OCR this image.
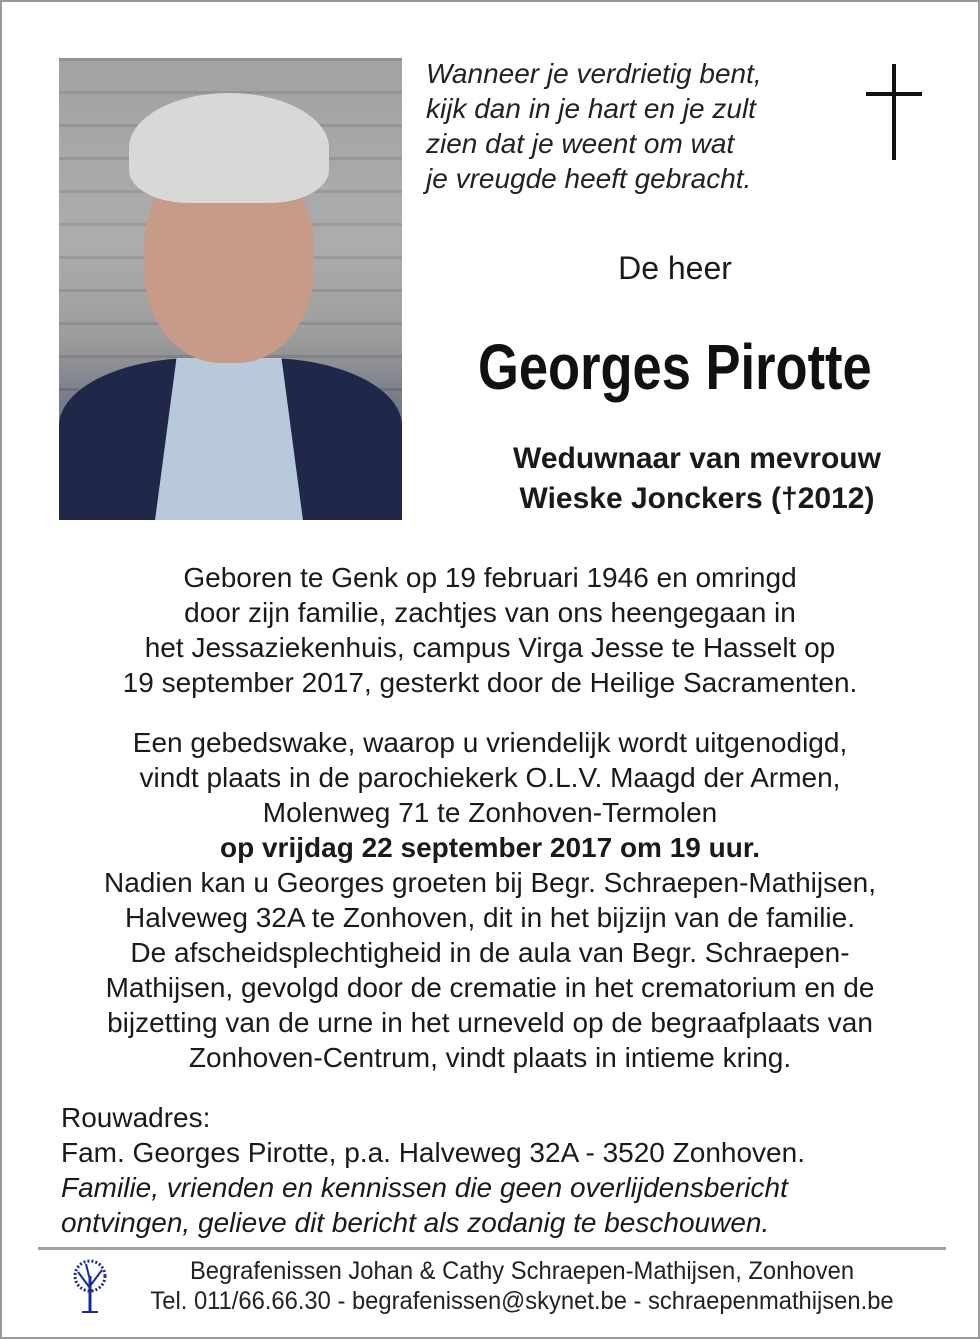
Wanneer je verdrietig bent,
kijk dan in je hart en je zult
zien dat je weent om wat
je vreugde heeft gebracht.
De heer
Georges Pirotte
Weduwnaar van mevrouw
Wieske Jonckers (†2012)
Geboren te Genk op 19 februari 1946 en omringd
door zijn familie, zachtjes van ons heengegaan in
het Jessaziekenhuis, campus Virga Jesse te Hasselt op
19 september 2017, gesterkt door de Heilige Sacramenten.
Een gebedswake, waarop u vriendelijk wordt uitgenodigd,
vindt plaats in de parochiekerk O.L.V. Maagd der Armen,
Molenweg 71 te Zonhoven-Termolen
op vrijdag 22 september 2017 om 19 uur.
Nadien kan u Georges groeten bij Begr. Schraepen-Mathijsen,
Halveweg 32A te Zonhoven, dit in het bijzijn van de familie.
De afscheidsplechtigheid in de aula van Begr. Schraepen-
Mathijsen, gevolgd door de crematie in het crematorium en de
bijzetting van de urne in het urneveld op de begraafplaats van
Zonhoven-Centrum, vindt plaats in intieme kring.
Rouwadres:
Fam. Georges Pirotte, p.a. Halveweg 32A - 3520 Zonhoven.
Familie, vrienden en kennissen die geen overlijdensbericht
ontvingen, gelieve dit bericht als zodanig te beschouwen.
Begrafenissen Johan & Cathy Schraepen-Mathijsen, Zonhoven
Tel. 011/66.66.30 - begrafenissen@skynet.be - schraepenmathijsen.be
